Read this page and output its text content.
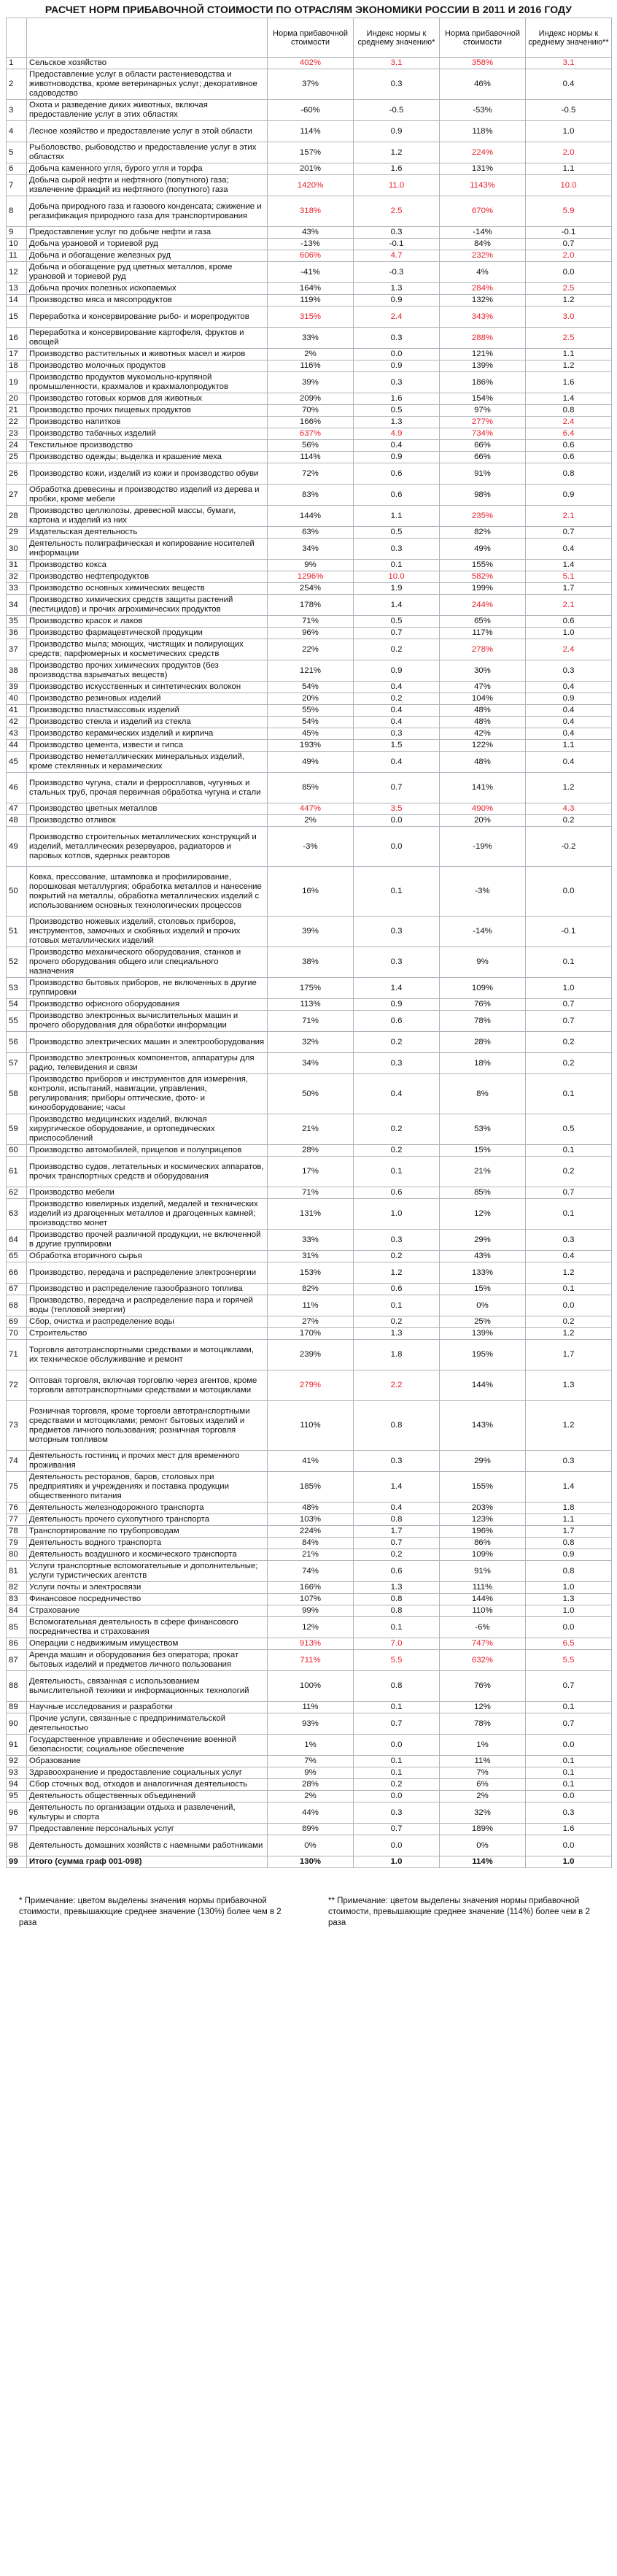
РАСЧЕТ НОРМ ПРИБАВОЧНОЙ СТОИМОСТИ ПО ОТРАСЛЯМ ЭКОНОМИКИ РОССИИ В 2011 И 2016 ГОДУ
		Норма прибавочной стоимости	Индекс нормы к среднему значению*	Норма прибавочной стоимости	Индекс нормы к среднему значению**
1	Сельское хозяйство	402%	3.1	358%	3.1
2	Предоставление услуг в области растениеводства и животноводства, кроме ветеринарных услуг; декоративное садоводство	37%	0.3	46%	0.4
3	Охота и разведение диких животных, включая предоставление услуг в этих областях	-60%	-0.5	-53%	-0.5
4	Лесное хозяйство и предоставление услуг в этой области	114%	0.9	118%	1.0
5	Рыболовство, рыбоводство и предоставление услуг в этих областях	157%	1.2	224%	2.0
6	Добыча каменного угля, бурого угля и торфа	201%	1.6	131%	1.1
7	Добыча сырой нефти и нефтяного (попутного) газа; извлечение фракций из нефтяного (попутного) газа	1420%	11.0	1143%	10.0
8	Добыча природного газа и газового конденсата; сжижение и регазификация природного газа для транспортирования	318%	2.5	670%	5.9
9	Предоставление услуг по добыче нефти и газа	43%	0.3	-14%	-0.1
10	Добыча урановой и ториевой руд	-13%	-0.1	84%	0.7
11	Добыча и обогащение железных руд	606%	4.7	232%	2.0
12	Добыча и обогащение руд цветных металлов, кроме урановой и ториевой руд	-41%	-0.3	4%	0.0
13	Добыча прочих полезных ископаемых	164%	1.3	284%	2.5
14	Производство мяса и мясопродуктов	119%	0.9	132%	1.2
15	Переработка и консервирование рыбо- и морепродуктов	315%	2.4	343%	3.0
16	Переработка и консервирование картофеля, фруктов и овощей	33%	0.3	288%	2.5
17	Производство растительных и животных масел и жиров	2%	0.0	121%	1.1
18	Производство молочных продуктов	116%	0.9	139%	1.2
19	Производство продуктов мукомольно-крупяной промышленности, крахмалов и крахмалопродуктов	39%	0.3	186%	1.6
20	Производство готовых кормов для животных	209%	1.6	154%	1.4
21	Производство прочих пищевых продуктов	70%	0.5	97%	0.8
22	Производство напитков	166%	1.3	277%	2.4
23	Производство табачных изделий	637%	4.9	734%	6.4
24	Текстильное производство	56%	0.4	66%	0.6
25	Производство одежды; выделка и крашение меха	114%	0.9	66%	0.6
26	Производство кожи, изделий из кожи и производство обуви	72%	0.6	91%	0.8
27	Обработка древесины и производство изделий из дерева и пробки, кроме мебели	83%	0.6	98%	0.9
28	Производство целлюлозы, древесной массы, бумаги, картона и изделий из них	144%	1.1	235%	2.1
29	Издательская деятельность	63%	0.5	82%	0.7
30	Деятельность полиграфическая и копирование носителей информации	34%	0.3	49%	0.4
31	Производство кокса	9%	0.1	155%	1.4
32	Производство нефтепродуктов	1296%	10.0	582%	5.1
33	Производство основных химических веществ	254%	1.9	199%	1.7
34	Производство химических средств защиты растений (пестицидов) и прочих агрохимических продуктов	178%	1.4	244%	2.1
35	Производство красок и лаков	71%	0.5	65%	0.6
36	Производство фармацевтической продукции	96%	0.7	117%	1.0
37	Производство мыла; моющих, чистящих и полирующих средств; парфюмерных и косметических средств	22%	0.2	278%	2.4
38	Производство прочих химических продуктов (без производства взрывчатых веществ)	121%	0.9	30%	0.3
39	Производство искусственных и синтетических волокон	54%	0.4	47%	0.4
40	Производство резиновых изделий	20%	0.2	104%	0.9
41	Производство пластмассовых изделий	55%	0.4	48%	0.4
42	Производство стекла и изделий из стекла	54%	0.4	48%	0.4
43	Производство керамических изделий и кирпича	45%	0.3	42%	0.4
44	Производство цемента, извести и гипса	193%	1.5	122%	1.1
45	Производство неметаллических минеральных изделий, кроме стеклянных и керамических	49%	0.4	48%	0.4
46	Производство чугуна, стали и ферросплавов, чугунных и стальных труб, прочая первичная обработка чугуна и стали	85%	0.7	141%	1.2
47	Производство цветных металлов	447%	3.5	490%	4.3
48	Производство отливок	2%	0.0	20%	0.2
49	Производство строительных металлических конструкций и изделий, металлических резервуаров, радиаторов и паровых котлов, ядерных реакторов	-3%	0.0	-19%	-0.2
50	Ковка, прессование, штамповка и профилирование, порошковая металлургия; обработка металлов и нанесение покрытий на металлы, обработка металлических изделий с использованием основных технологических процессов	16%	0.1	-3%	0.0
51	Производство ножевых изделий, столовых приборов, инструментов, замочных и скобяных изделий и прочих готовых металлических изделий	39%	0.3	-14%	-0.1
52	Производство механического оборудования, станков и прочего оборудования общего или специального назначения	38%	0.3	9%	0.1
53	Производство бытовых приборов, не включенных в другие группировки	175%	1.4	109%	1.0
54	Производство офисного оборудования	113%	0.9	76%	0.7
55	Производство электронных вычислительных машин и прочего оборудования для обработки информации	71%	0.6	78%	0.7
56	Производство электрических машин и электрооборудования	32%	0.2	28%	0.2
57	Производство электронных компонентов, аппаратуры для радио, телевидения и связи	34%	0.3	18%	0.2
58	Производство приборов и инструментов для измерения, контроля, испытаний, навигации, управления, регулирования; приборы оптические, фото- и кинооборудование; часы	50%	0.4	8%	0.1
59	Производство медицинских изделий, включая хирургическое оборудование, и ортопедических приспособлений	21%	0.2	53%	0.5
60	Производство автомобилей, прицепов и полуприцепов	28%	0.2	15%	0.1
61	Производство судов, летательных и космических аппаратов, прочих транспортных средств и оборудования	17%	0.1	21%	0.2
62	Производство мебели	71%	0.6	85%	0.7
63	Производство ювелирных изделий, медалей и технических изделий из драгоценных металлов и драгоценных камней; производство монет	131%	1.0	12%	0.1
64	Производство прочей различной продукции, не включенной в другие группировки	33%	0.3	29%	0.3
65	Обработка вторичного сырья	31%	0.2	43%	0.4
66	Производство, передача и распределение электроэнергии	153%	1.2	133%	1.2
67	Производство и распределение газообразного топлива	82%	0.6	15%	0.1
68	Производство, передача и распределение пара и горячей воды (тепловой энергии)	11%	0.1	0%	0.0
69	Сбор, очистка и распределение воды	27%	0.2	25%	0.2
70	Строительство	170%	1.3	139%	1.2
71	Торговля автотранспортными средствами и мотоциклами, их техническое обслуживание и ремонт	239%	1.8	195%	1.7
72	Оптовая торговля, включая торговлю через агентов, кроме торговли автотранспортными средствами и мотоциклами	279%	2.2	144%	1.3
73	Розничная торговля, кроме торговли автотранспортными средствами и мотоциклами; ремонт бытовых изделий и предметов личного пользования; розничная торговля моторным топливом	110%	0.8	143%	1.2
74	Деятельность гостиниц и прочих мест для временного проживания	41%	0.3	29%	0.3
75	Деятельность ресторанов, баров, столовых при предприятиях и учреждениях и поставка продукции общественного питания	185%	1.4	155%	1.4
76	Деятельность железнодорожного транспорта	48%	0.4	203%	1.8
77	Деятельность прочего сухопутного транспорта	103%	0.8	123%	1.1
78	Транспортирование по трубопроводам	224%	1.7	196%	1.7
79	Деятельность водного транспорта	84%	0.7	86%	0.8
80	Деятельность воздушного и космического транспорта	21%	0.2	109%	0.9
81	Услуги транспортные вспомогательные и дополнительные; услуги туристических агентств	74%	0.6	91%	0.8
82	Услуги почты и электросвязи	166%	1.3	111%	1.0
83	Финансовое посредничество	107%	0.8	144%	1.3
84	Страхование	99%	0.8	110%	1.0
85	Вспомогательная деятельность в сфере финансового посредничества и страхования	12%	0.1	-6%	0.0
86	Операции с недвижимым имуществом	913%	7.0	747%	6.5
87	Аренда машин и оборудования без оператора; прокат бытовых изделий и предметов личного пользования	711%	5.5	632%	5.5
88	Деятельность, связанная с использованием вычислительной техники и информационных технологий	100%	0.8	76%	0.7
89	Научные исследования и разработки	11%	0.1	12%	0.1
90	Прочие услуги, связанные с предпринимательской деятельностью	93%	0.7	78%	0.7
91	Государственное управление и обеспечение военной безопасности; социальное обеспечение	1%	0.0	1%	0.0
92	Образование	7%	0.1	11%	0.1
93	Здравоохранение и предоставление социальных услуг	9%	0.1	7%	0.1
94	Сбор сточных вод, отходов и аналогичная деятельность	28%	0.2	6%	0.1
95	Деятельность общественных объединений	2%	0.0	2%	0.0
96	Деятельность по организации отдыха и развлечений, культуры и спорта	44%	0.3	32%	0.3
97	Предоставление персональных услуг	89%	0.7	189%	1.6
98	Деятельность домашних хозяйств с наемными работниками	0%	0.0	0%	0.0
99	Итого (сумма граф 001-098)	130%	1.0	114%	1.0
* Примечание: цветом выделены значения нормы прибавочной стоимости, превышающие среднее значение (130%) более чем в 2 раза
** Примечание: цветом выделены значения нормы прибавочной стоимости, превышающие среднее значение (114%) более чем в 2 раза
